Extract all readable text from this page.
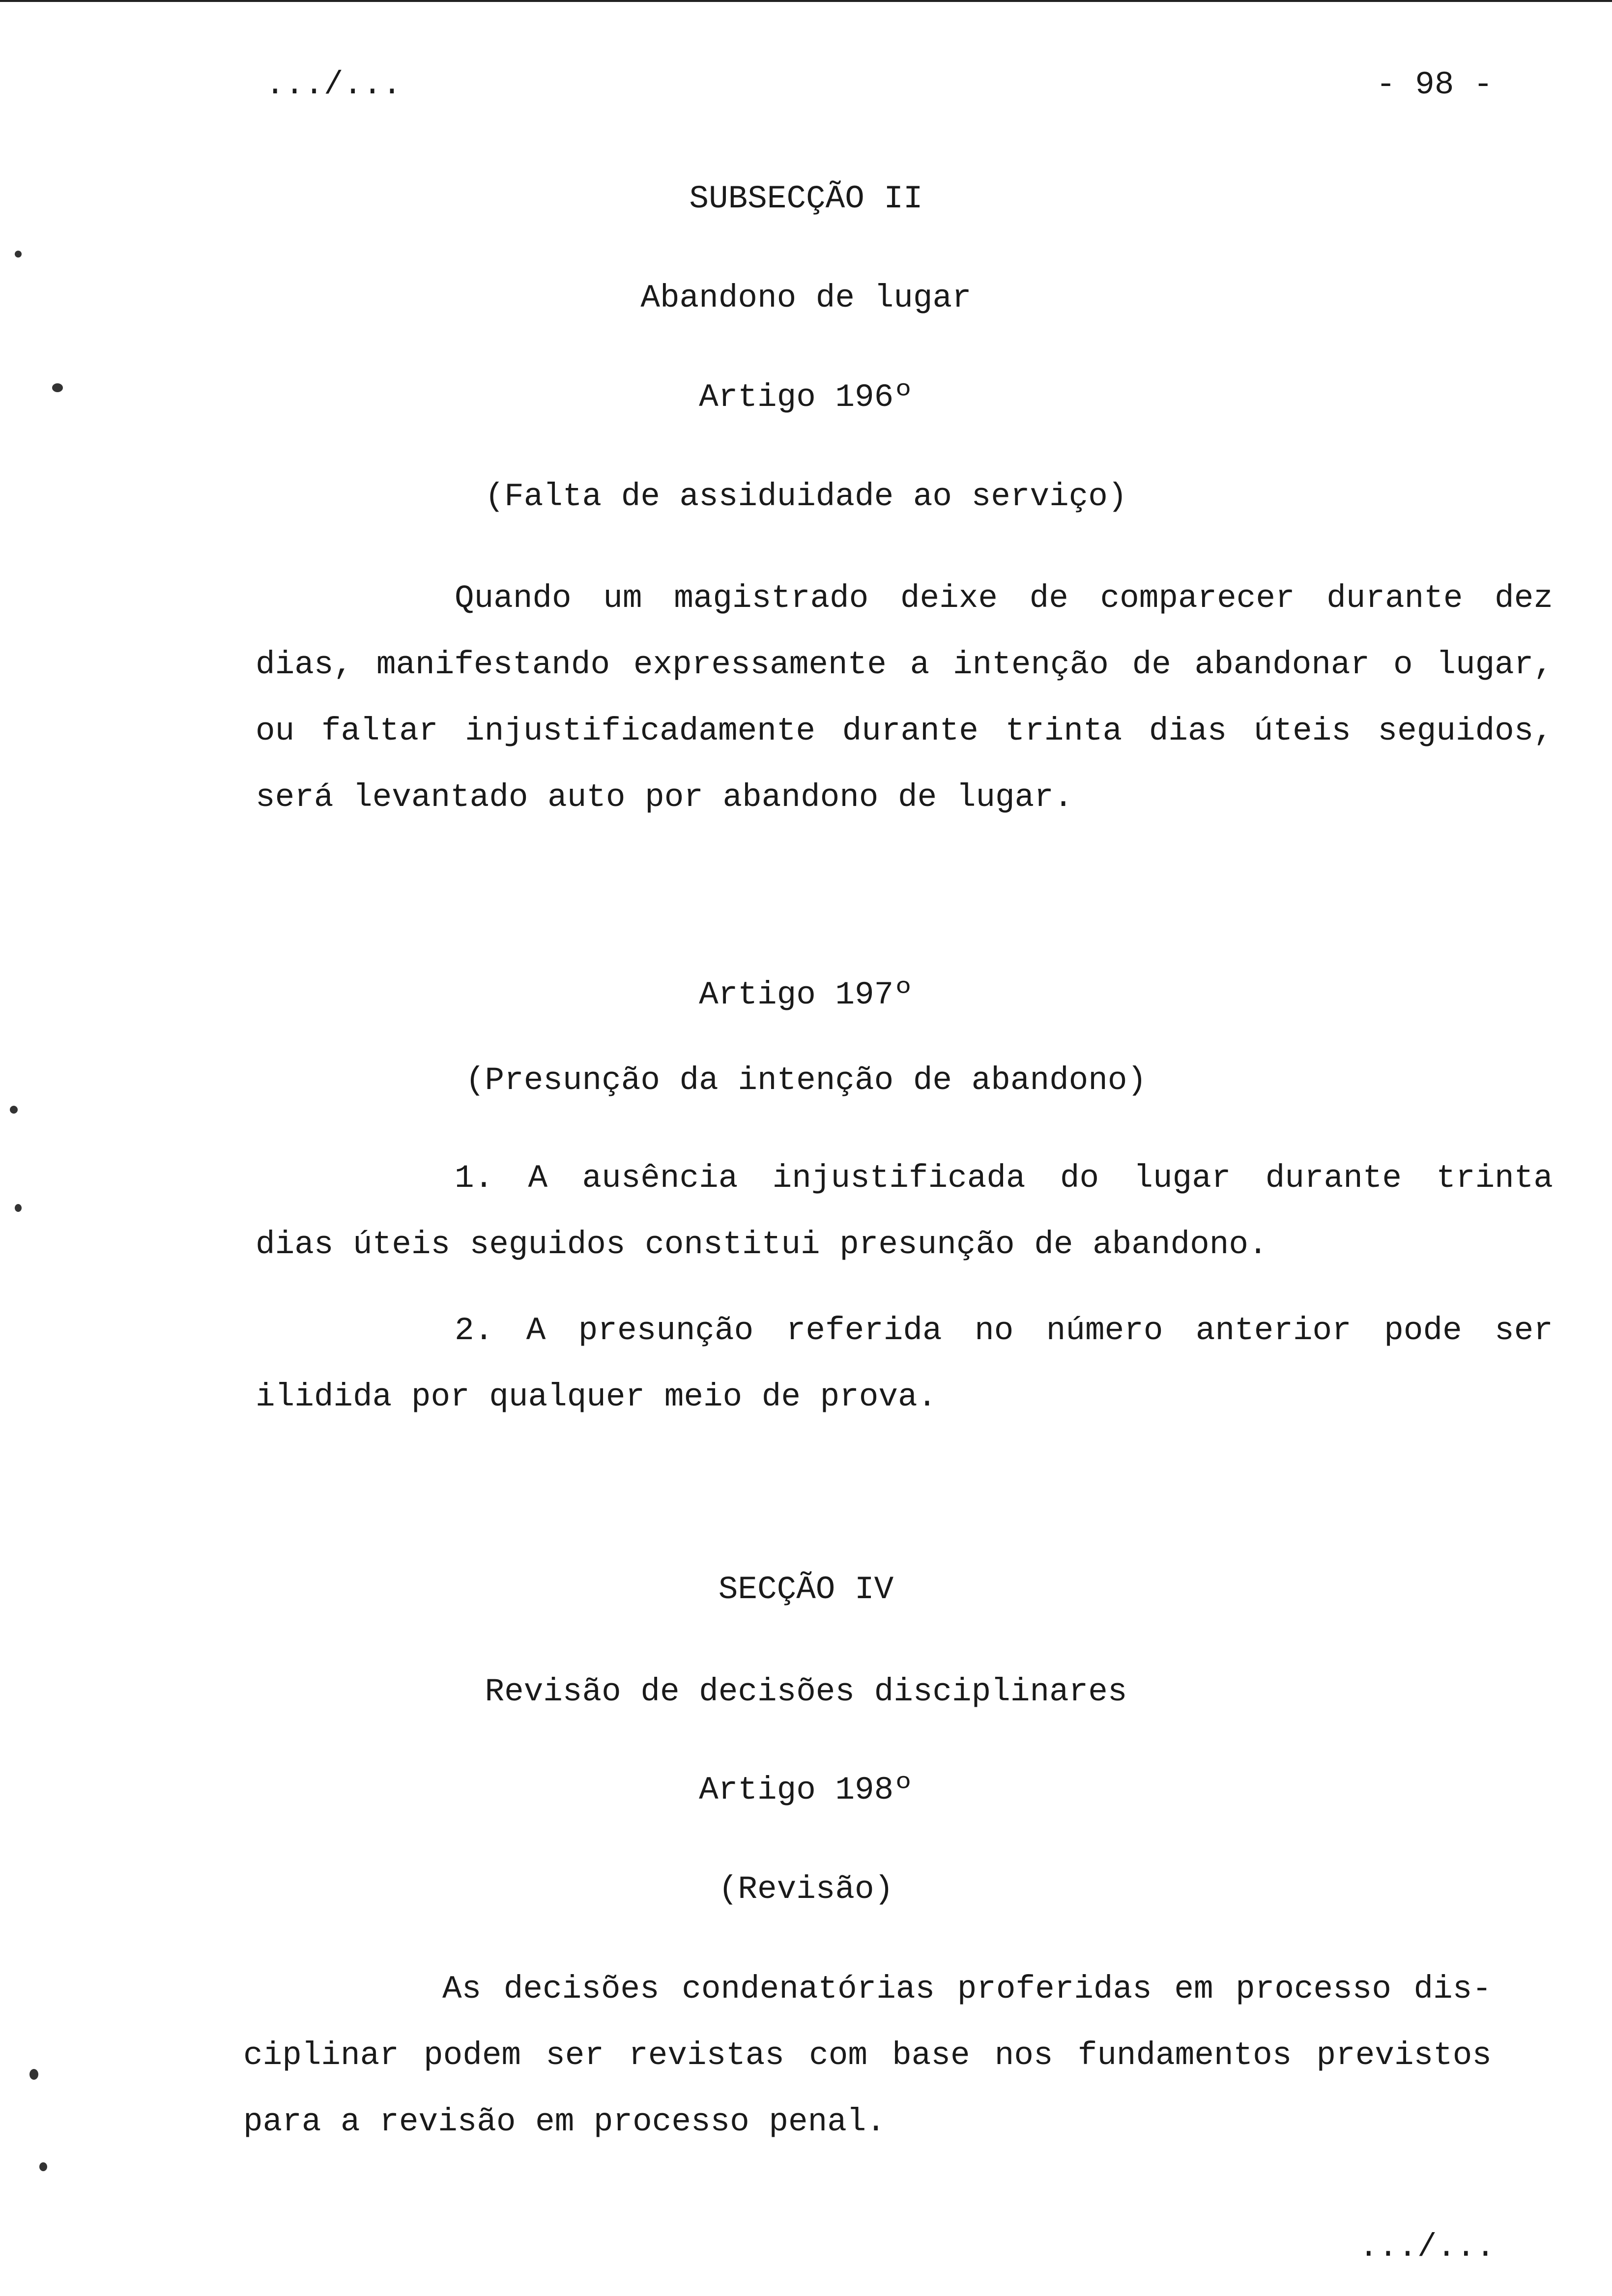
.../...	- 98 -
SUBSECÇÃO II
Abandono de lugar
Artigo 196º
(Falta de assiduidade ao serviço)
Quando um magistrado deixe de comparecer durante dez
dias, manifestando expressamente a intenção de abandonar o lugar,
ou faltar injustificadamente durante trinta dias úteis seguidos,
será levantado auto por abandono de lugar.
Artigo 197º
(Presunção da intenção de abandono)
1. A ausência injustificada do lugar durante trinta
dias úteis seguidos constitui presunção de abandono.
2. A presunção referida no número anterior pode ser
ilidida por qualquer meio de prova.
SECÇÃO IV
Revisão de decisões disciplinares
Artigo 198º
(Revisão)
As decisões condenatórias proferidas em processo dis-
ciplinar podem ser revistas com base nos fundamentos previstos
para a revisão em processo penal.
.../...
